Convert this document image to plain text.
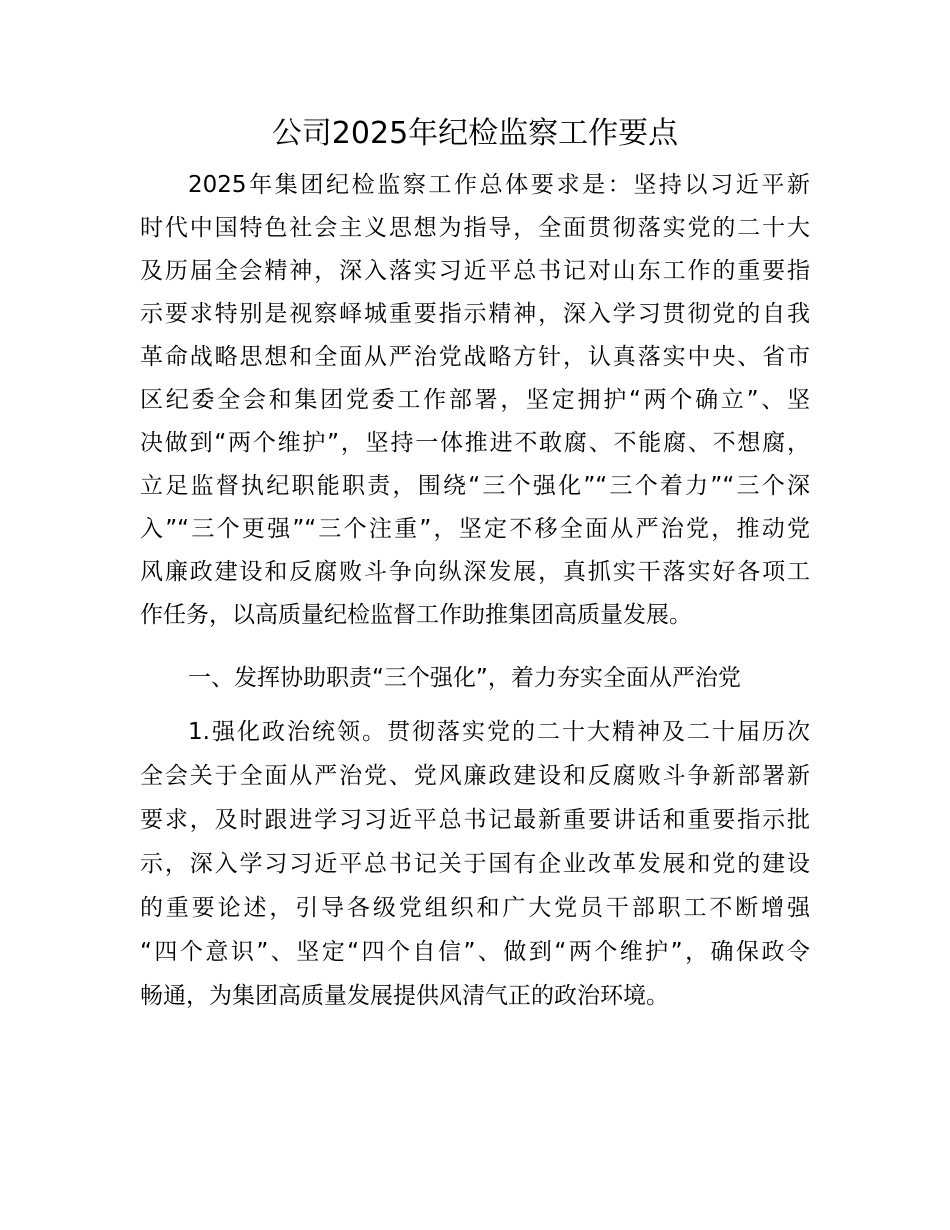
公司2025年纪检监察工作要点
2025年集团纪检监察工作总体要求是：坚持以习近平新
时代中国特色社会主义思想为指导，全面贯彻落实党的二十大
及历届全会精神，深入落实习近平总书记对山东工作的重要指
示要求特别是视察峄城重要指示精神，深入学习贯彻党的自我
革命战略思想和全面从严治党战略方针，认真落实中央、省市
区纪委全会和集团党委工作部署，坚定拥护“两个确立”、坚
决做到“两个维护”，坚持一体推进不敢腐、不能腐、不想腐，
立足监督执纪职能职责，围绕“三个强化”“三个着力”“三个深
入”“三个更强”“三个注重”，坚定不移全面从严治党，推动党
风廉政建设和反腐败斗争向纵深发展，真抓实干落实好各项工
作任务，以高质量纪检监督工作助推集团高质量发展。
一、发挥协助职责“三个强化”，着力夯实全面从严治党
1.强化政治统领。贯彻落实党的二十大精神及二十届历次
全会关于全面从严治党、党风廉政建设和反腐败斗争新部署新
要求，及时跟进学习习近平总书记最新重要讲话和重要指示批
示，深入学习习近平总书记关于国有企业改革发展和党的建设
的重要论述，引导各级党组织和广大党员干部职工不断增强
“四个意识”、坚定“四个自信”、做到“两个维护”，确保政令
畅通，为集团高质量发展提供风清气正的政治环境。
